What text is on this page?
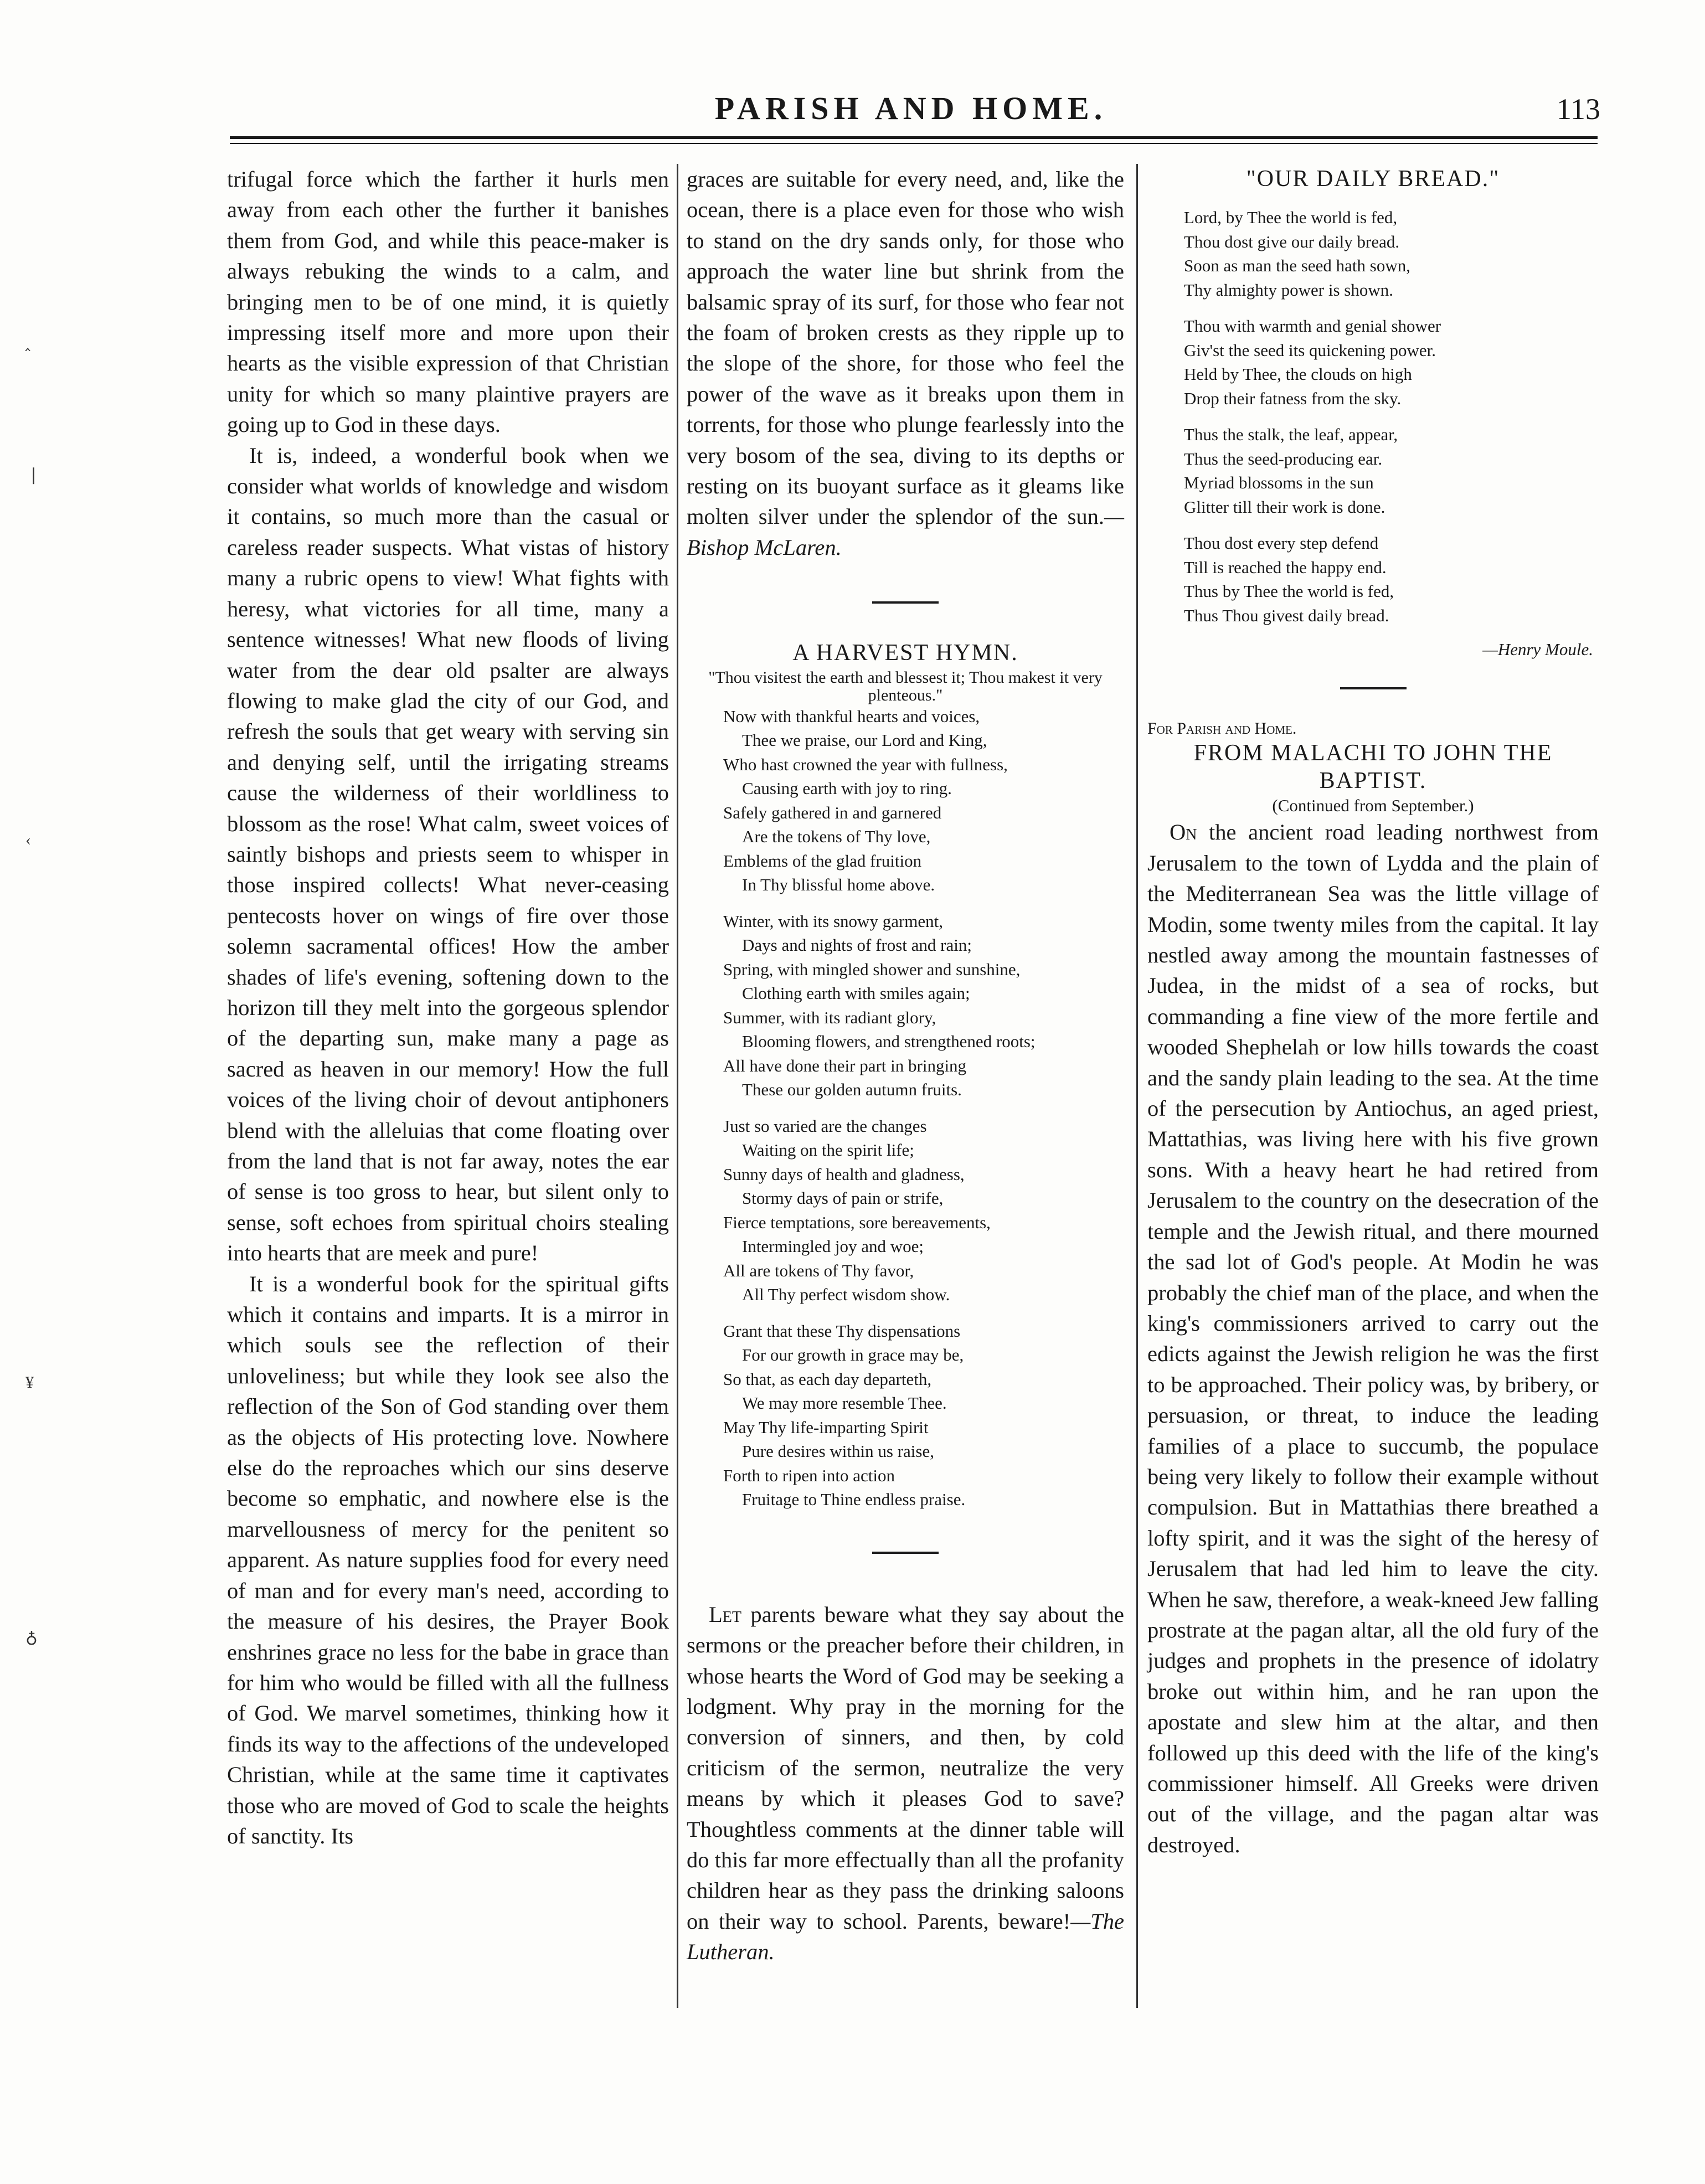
PARISH AND HOME.	113
‸
❘
‹
¥
♁

trifugal force which the farther it hurls men away from each other the further it banishes them from God, and while this peace-maker is always rebuking the winds to a calm, and bringing men to be of one mind, it is quietly impressing itself more and more upon their hearts as the visible expression of that Christian unity for which so many plaintive prayers are going up to God in these days.

It is, indeed, a wonderful book when we consider what worlds of knowledge and wisdom it contains, so much more than the casual or careless reader suspects. What vistas of history many a rubric opens to view! What fights with heresy, what victories for all time, many a sentence witnesses! What new floods of living water from the dear old psalter are always flowing to make glad the city of our God, and refresh the souls that get weary with serving sin and denying self, until the irrigating streams cause the wilderness of their worldliness to blossom as the rose! What calm, sweet voices of saintly bishops and priests seem to whisper in those inspired collects! What never-ceasing pentecosts hover on wings of fire over those solemn sacramental offices! How the amber shades of life's evening, softening down to the horizon till they melt into the gorgeous splendor of the departing sun, make many a page as sacred as heaven in our memory! How the full voices of the living choir of devout antiphoners blend with the alleluias that come floating over from the land that is not far away, notes the ear of sense is too gross to hear, but silent only to sense, soft echoes from spiritual choirs stealing into hearts that are meek and pure!

It is a wonderful book for the spiritual gifts which it contains and imparts. It is a mirror in which souls see the reflection of their unloveliness; but while they look see also the reflection of the Son of God standing over them as the objects of His protecting love. Nowhere else do the reproaches which our sins deserve become so emphatic, and nowhere else is the marvellousness of mercy for the penitent so apparent. As nature supplies food for every need of man and for every man's need, according to the measure of his desires, the Prayer Book enshrines grace no less for the babe in grace than for him who would be filled with all the fullness of God. We marvel sometimes, thinking how it finds its way to the affections of the undeveloped Christian, while at the same time it captivates those who are moved of God to scale the heights of sanctity. Its

graces are suitable for every need, and, like the ocean, there is a place even for those who wish to stand on the dry sands only, for those who approach the water line but shrink from the balsamic spray of its surf, for those who fear not the foam of broken crests as they ripple up to the slope of the shore, for those who feel the power of the wave as it breaks upon them in torrents, for those who plunge fearlessly into the very bosom of the sea, diving to its depths or resting on its buoyant surface as it gleams like molten silver under the splendor of the sun.—Bishop McLaren.

A HARVEST HYMN.

"Thou visitest the earth and blessest it; Thou makest it very plenteous."

Now with thankful hearts and voices,
Thee we praise, our Lord and King,
Who hast crowned the year with fullness,
Causing earth with joy to ring.
Safely gathered in and garnered
Are the tokens of Thy love,
Emblems of the glad fruition
In Thy blissful home above.
Winter, with its snowy garment,
Days and nights of frost and rain;
Spring, with mingled shower and sunshine,
Clothing earth with smiles again;
Summer, with its radiant glory,
Blooming flowers, and strengthened roots;
All have done their part in bringing
These our golden autumn fruits.
Just so varied are the changes
Waiting on the spirit life;
Sunny days of health and gladness,
Stormy days of pain or strife,
Fierce temptations, sore bereavements,
Intermingled joy and woe;
All are tokens of Thy favor,
All Thy perfect wisdom show.
Grant that these Thy dispensations
For our growth in grace may be,
So that, as each day departeth,
We may more resemble Thee.
May Thy life-imparting Spirit
Pure desires within us raise,
Forth to ripen into action
Fruitage to Thine endless praise.

Let parents beware what they say about the sermons or the preacher before their children, in whose hearts the Word of God may be seeking a lodgment. Why pray in the morning for the conversion of sinners, and then, by cold criticism of the sermon, neutralize the very means by which it pleases God to save? Thoughtless comments at the dinner table will do this far more effectually than all the profanity children hear as they pass the drinking saloons on their way to school. Parents, beware!—The Lutheran.

"OUR DAILY BREAD."

Lord, by Thee the world is fed,
Thou dost give our daily bread.
Soon as man the seed hath sown,
Thy almighty power is shown.
Thou with warmth and genial shower
Giv'st the seed its quickening power.
Held by Thee, the clouds on high
Drop their fatness from the sky.
Thus the stalk, the leaf, appear,
Thus the seed-producing ear.
Myriad blossoms in the sun
Glitter till their work is done.
Thou dost every step defend
Till is reached the happy end.
Thus by Thee the world is fed,
Thus Thou givest daily bread.
—Henry Moule.

For Parish and Home.

FROM MALACHI TO JOHN THE BAPTIST.

(Continued from September.)

On the ancient road leading northwest from Jerusalem to the town of Lydda and the plain of the Mediterranean Sea was the little village of Modin, some twenty miles from the capital. It lay nestled away among the mountain fastnesses of Judea, in the midst of a sea of rocks, but commanding a fine view of the more fertile and wooded Shephelah or low hills towards the coast and the sandy plain leading to the sea. At the time of the persecution by Antiochus, an aged priest, Mattathias, was living here with his five grown sons. With a heavy heart he had retired from Jerusalem to the country on the desecration of the temple and the Jewish ritual, and there mourned the sad lot of God's people. At Modin he was probably the chief man of the place, and when the king's commissioners arrived to carry out the edicts against the Jewish religion he was the first to be approached. Their policy was, by bribery, or persuasion, or threat, to induce the leading families of a place to succumb, the populace being very likely to follow their example without compulsion. But in Mattathias there breathed a lofty spirit, and it was the sight of the heresy of Jerusalem that had led him to leave the city. When he saw, therefore, a weak-kneed Jew falling prostrate at the pagan altar, all the old fury of the judges and prophets in the presence of idolatry broke out within him, and he ran upon the apostate and slew him at the altar, and then followed up this deed with the life of the king's commissioner himself. All Greeks were driven out of the village, and the pagan altar was destroyed.
